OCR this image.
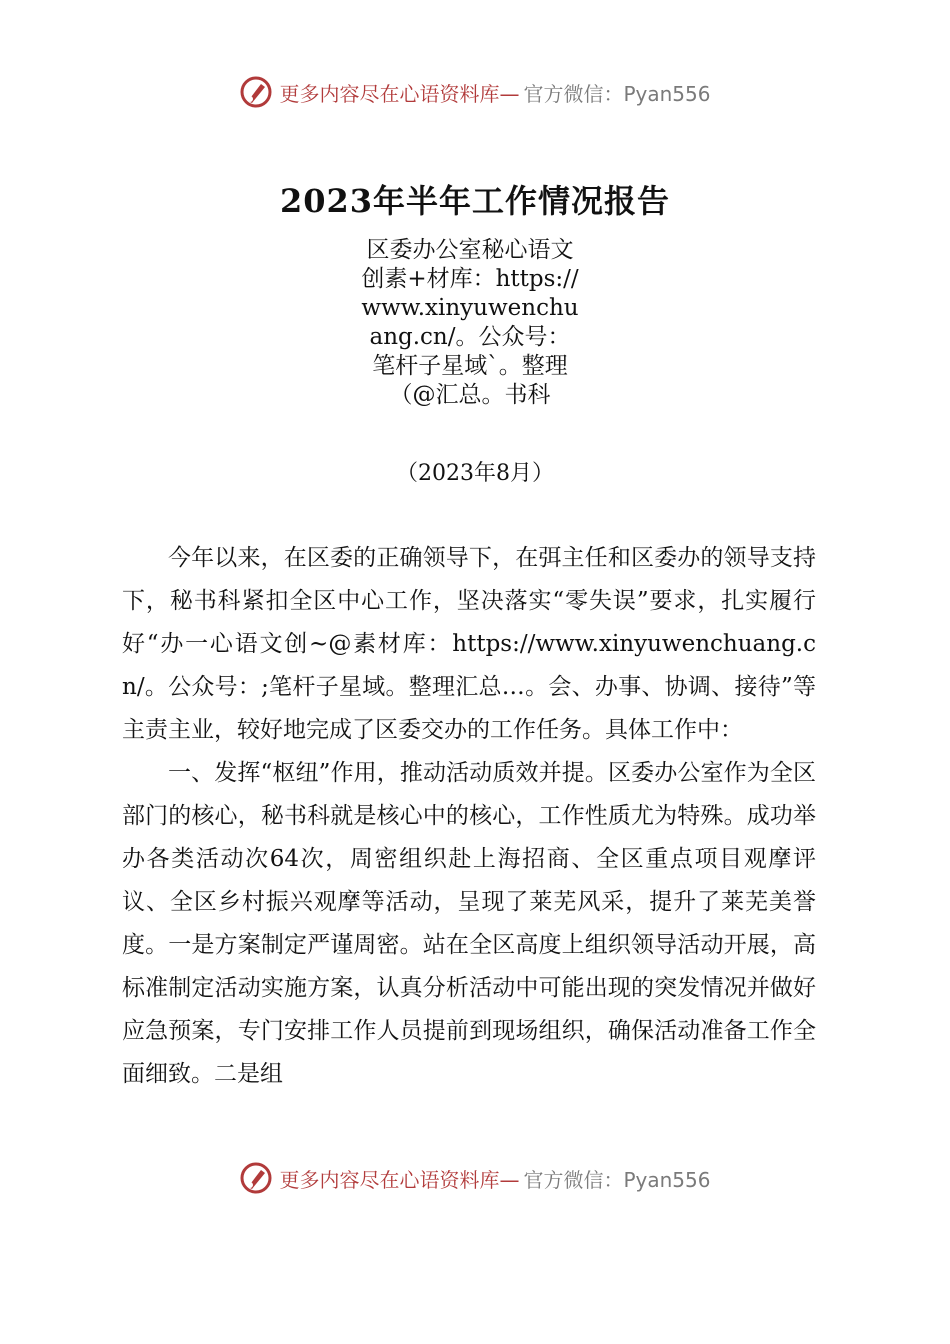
更多内容尽在心语资料库— 官方微信：Pyan556
2023年半年工作情况报告
区委办公室秘心语文创素+材库：https://www.xinyuwenchuang.cn/。公众号：笔杆子星域`。整理（@汇总。书科
（2023年8月）

今年以来，在区委的正确领导下，在弭主任和区委办的领导支持下，秘书科紧扣全区中心工作，坚决落实“零失误”要求，扎实履行好“办一心语文创~@素材库：https://www.xinyuwenchuang.cn/。公众号：;笔杆子星域。整理汇总…。会、办事、协调、接待”等主责主业，较好地完成了区委交办的工作任务。具体工作中：

一、发挥“枢纽”作用，推动活动质效并提。区委办公室作为全区部门的核心，秘书科就是核心中的核心，工作性质尤为特殊。成功举办各类活动次64次，周密组织赴上海招商、全区重点项目观摩评议、全区乡村振兴观摩等活动，呈现了莱芜风采，提升了莱芜美誉度。一是方案制定严谨周密。站在全区高度上组织领导活动开展，高标准制定活动实施方案，认真分析活动中可能出现的突发情况并做好应急预案，专门安排工作人员提前到现场组织，确保活动准备工作全面细致。二是组

更多内容尽在心语资料库— 官方微信：Pyan556
